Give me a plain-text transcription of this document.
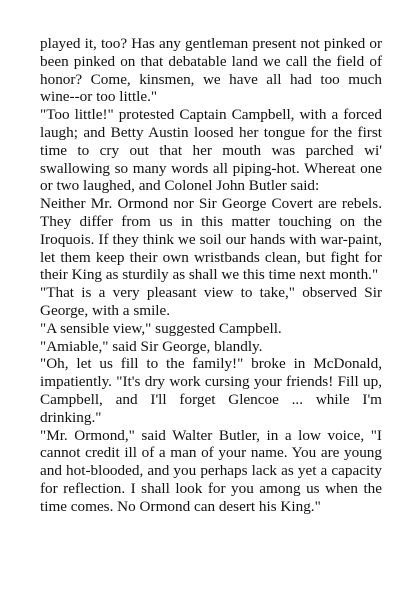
played it, too? Has any gentleman present not pinked or been pinked on that debatable land we call the field of honor? Come, kinsmen, we have all had too much wine--or too little."

"Too little!" protested Captain Campbell, with a forced laugh; and Betty Austin loosed her tongue for the first time to cry out that her mouth was parched wi' swallowing so many words all piping-hot. Whereat one or two laughed, and Colonel John Butler said:

Neither Mr. Ormond nor Sir George Covert are rebels. They differ from us in this matter touching on the Iroquois. If they think we soil our hands with war-paint, let them keep their own wristbands clean, but fight for their King as sturdily as shall we this time next month."

"That is a very pleasant view to take," observed Sir George, with a smile.

"A sensible view," suggested Campbell.

"Amiable," said Sir George, blandly.

"Oh, let us fill to the family!" broke in McDonald, impatiently. "It's dry work cursing your friends! Fill up, Campbell, and I'll forget Glencoe ... while I'm drinking."

"Mr. Ormond," said Walter Butler, in a low voice, "I cannot credit ill of a man of your name. You are young and hot-blooded, and you perhaps lack as yet a capacity for reflection. I shall look for you among us when the time comes. No Ormond can desert his King."
